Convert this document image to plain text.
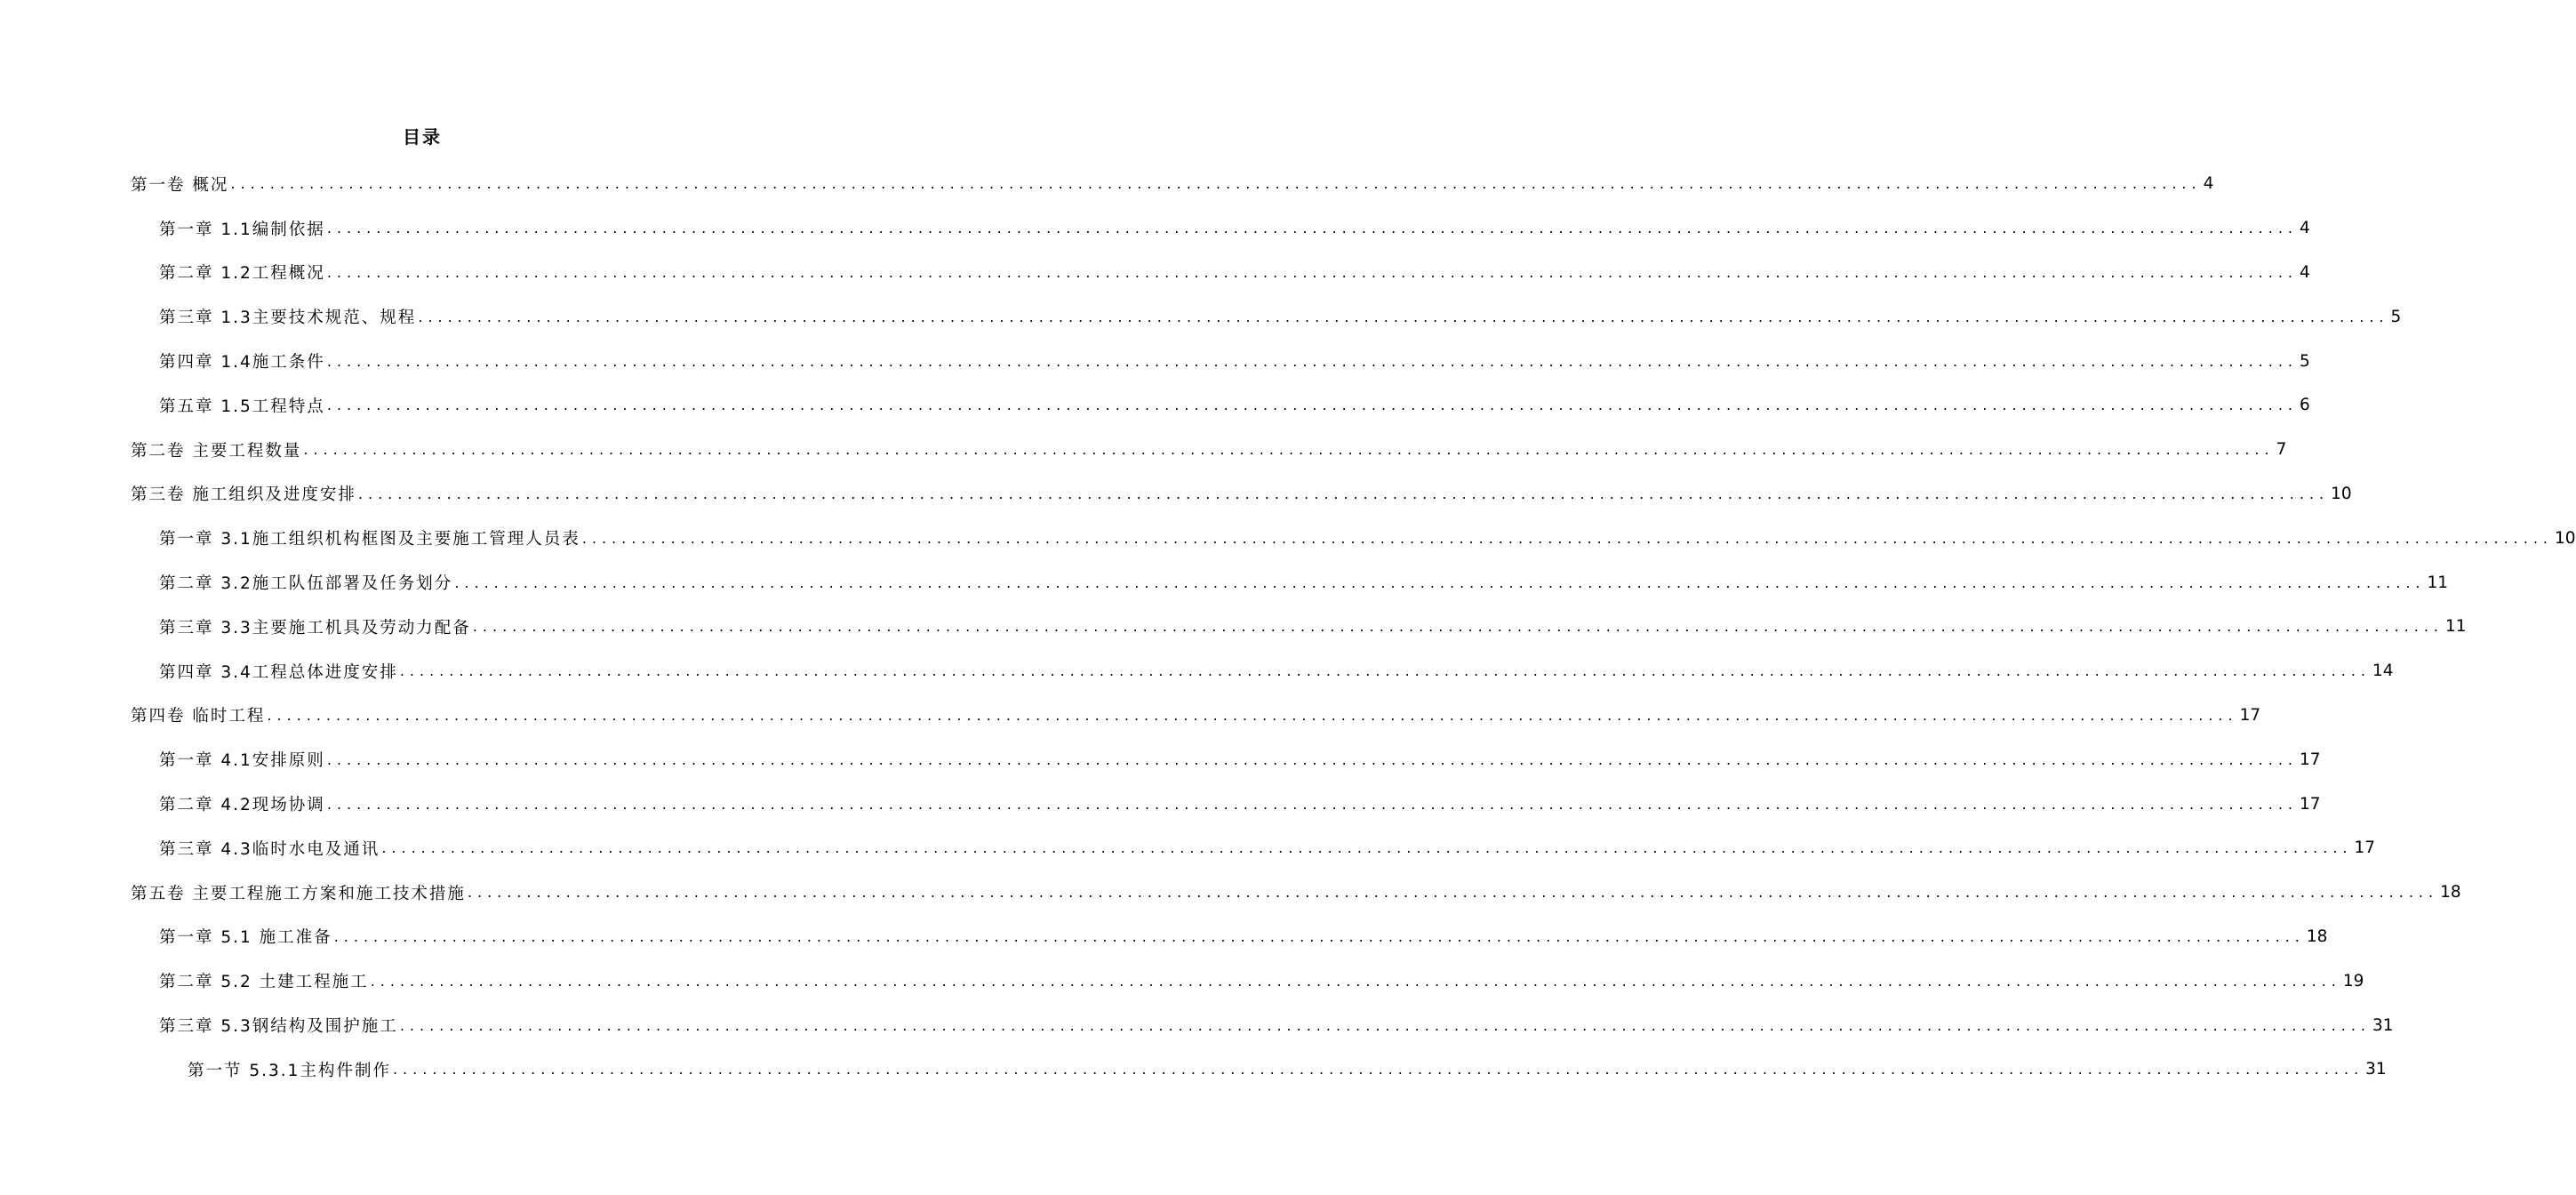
目录
第一卷 概况 ........................................................................................................................................................................................................ 4
第一章 1.1编制依据 ........................................................................................................................................................................................................ 4
第二章 1.2工程概况 ........................................................................................................................................................................................................ 4
第三章 1.3主要技术规范、规程 ........................................................................................................................................................................................................ 5
第四章 1.4施工条件 ........................................................................................................................................................................................................ 5
第五章 1.5工程特点 ........................................................................................................................................................................................................ 6
第二卷 主要工程数量 ........................................................................................................................................................................................................ 7
第三卷 施工组织及进度安排 ........................................................................................................................................................................................................ 10
第一章 3.1施工组织机构框图及主要施工管理人员表 ........................................................................................................................................................................................................ 10
第二章 3.2施工队伍部署及任务划分 ........................................................................................................................................................................................................ 11
第三章 3.3主要施工机具及劳动力配备 ........................................................................................................................................................................................................ 11
第四章 3.4工程总体进度安排 ........................................................................................................................................................................................................ 14
第四卷 临时工程 ........................................................................................................................................................................................................ 17
第一章 4.1安排原则 ........................................................................................................................................................................................................ 17
第二章 4.2现场协调 ........................................................................................................................................................................................................ 17
第三章 4.3临时水电及通讯 ........................................................................................................................................................................................................ 17
第五卷 主要工程施工方案和施工技术措施 ........................................................................................................................................................................................................ 18
第一章 5.1 施工准备 ........................................................................................................................................................................................................ 18
第二章 5.2 土建工程施工 ........................................................................................................................................................................................................ 19
第三章 5.3钢结构及围护施工 ........................................................................................................................................................................................................ 31
第一节 5.3.1主构件制作 ........................................................................................................................................................................................................ 31
